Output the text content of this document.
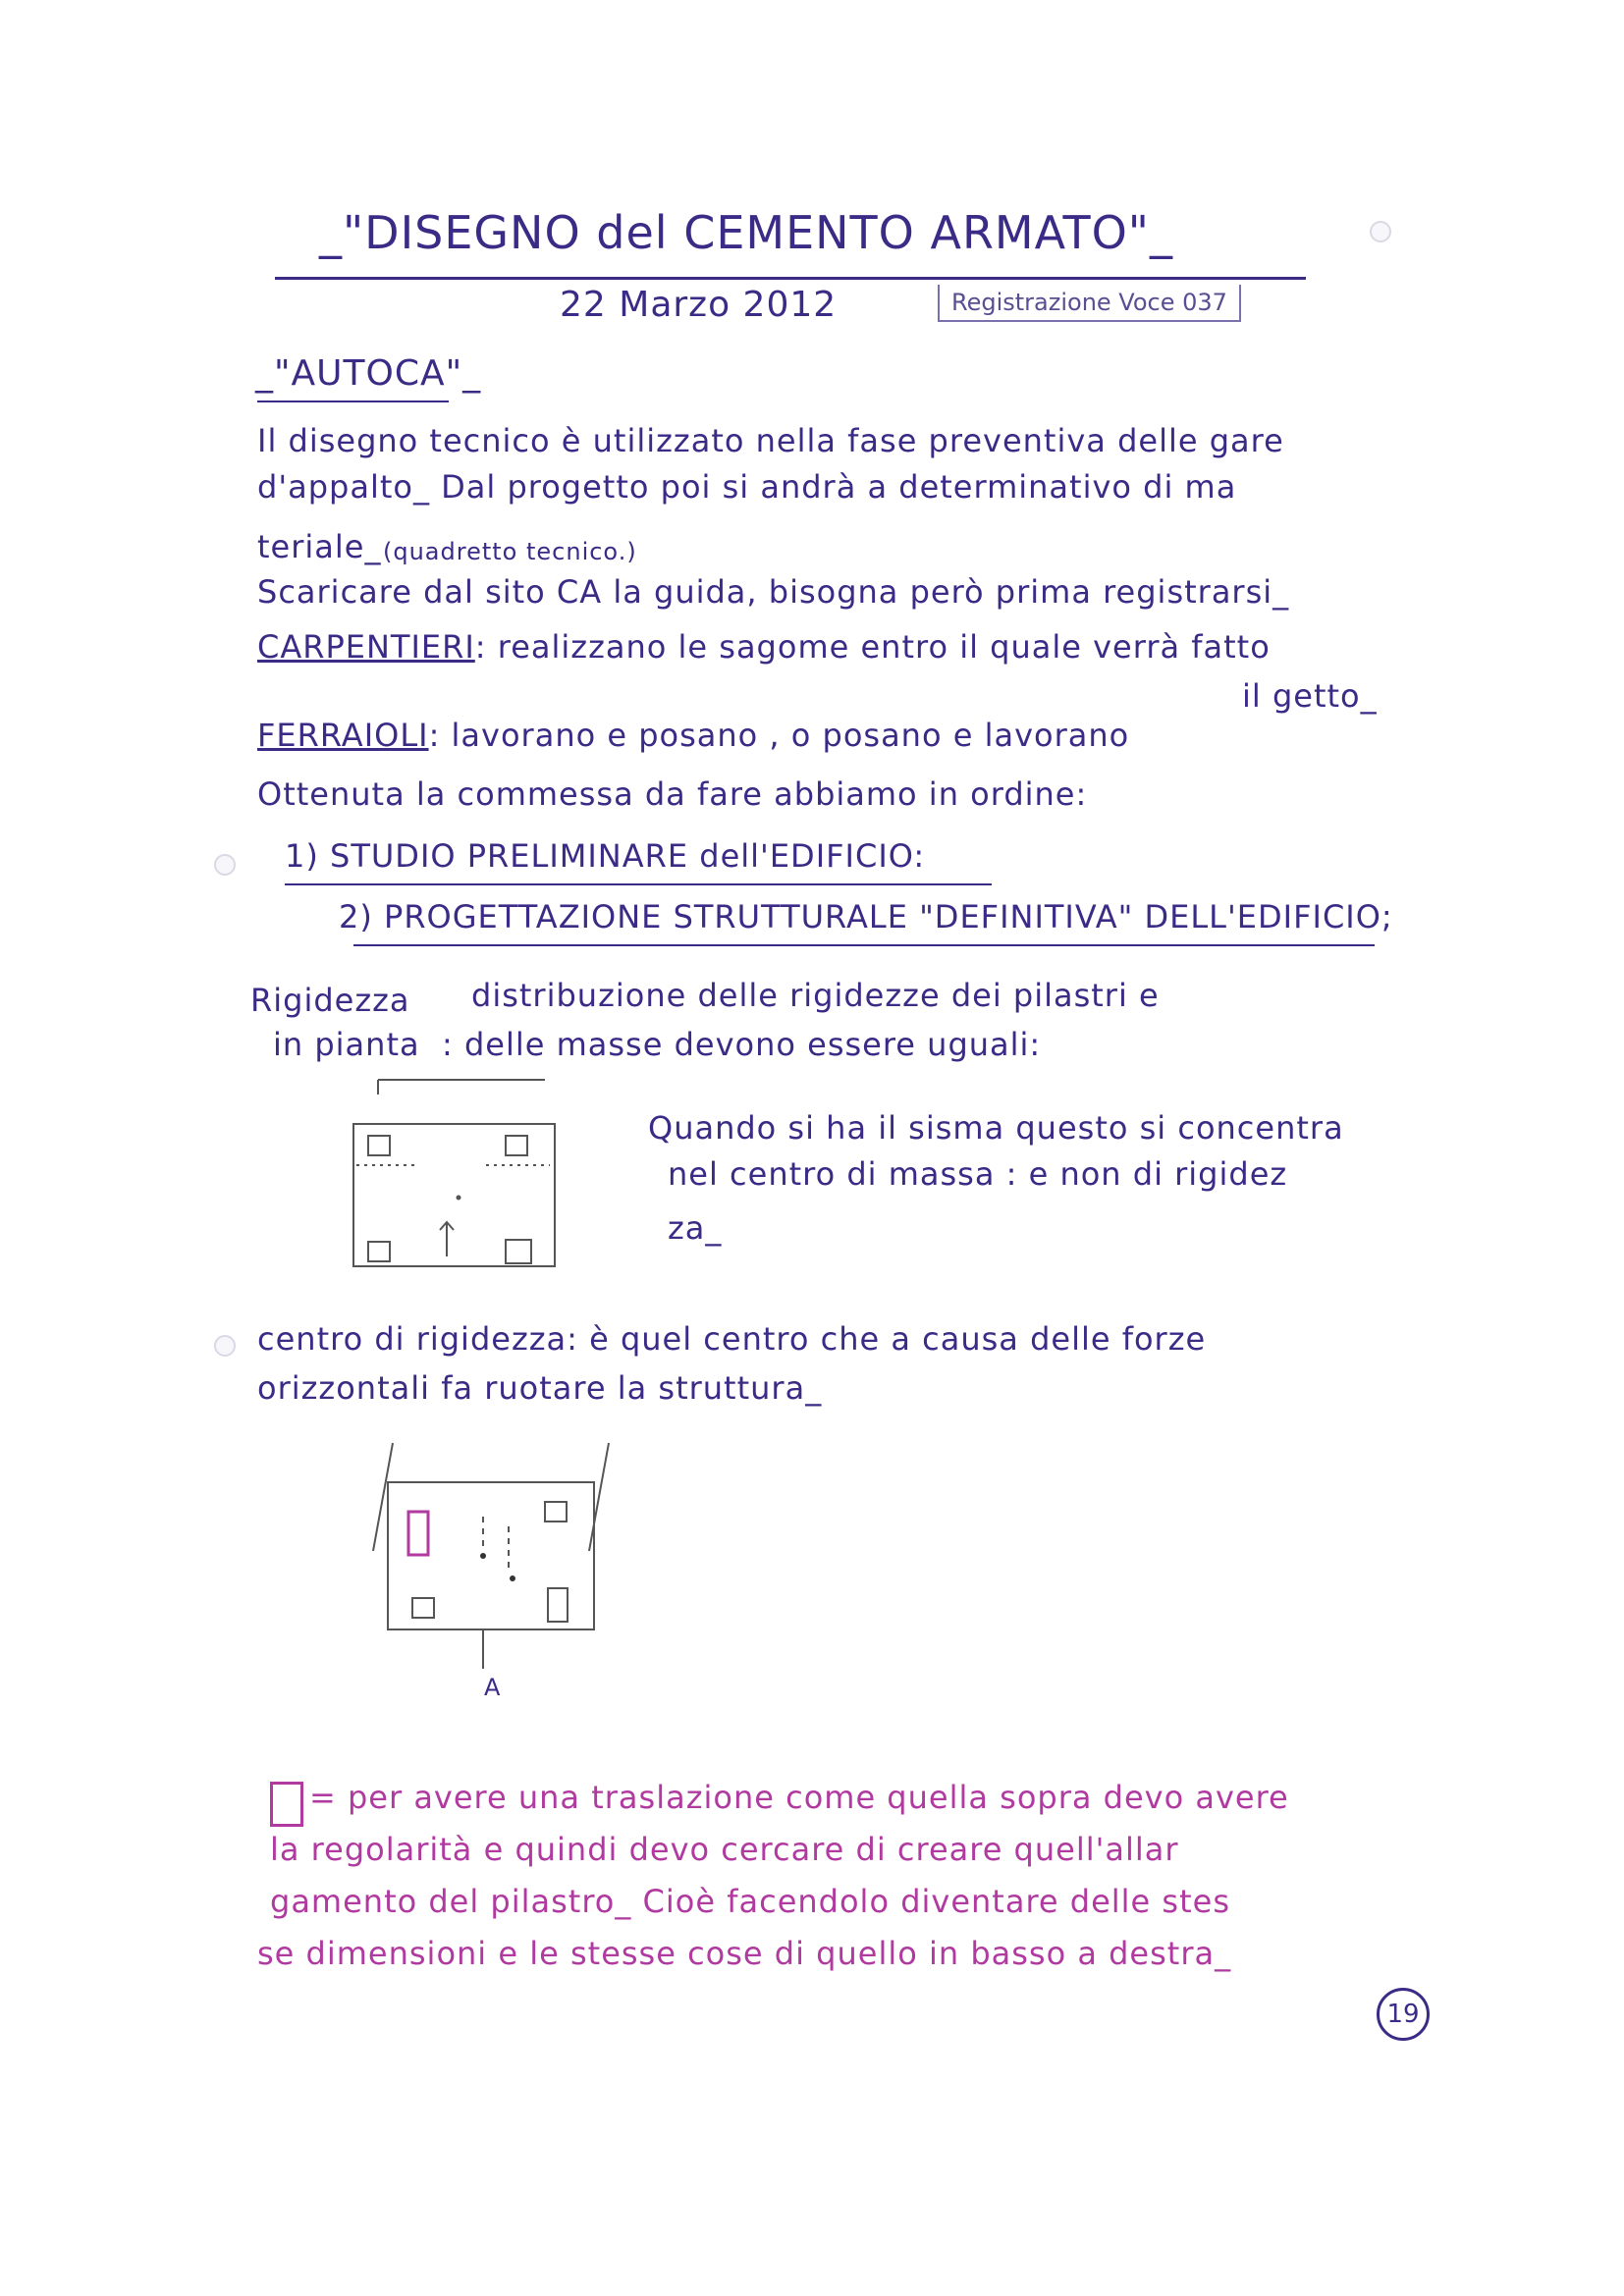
_"DISEGNO del CEMENTO ARMATO"_
22 Marzo 2012	Registrazione Voce 037
_"AUTOCA"_
Il disegno tecnico è utilizzato nella fase preventiva delle gare
d'appalto_ Dal progetto poi si andrà a determinativo di ma
teriale_ (quadretto tecnico.)
Scaricare dal sito CA la guida, bisogna però prima registrarsi_
CARPENTIERI: realizzano le sagome entro il quale verrà fatto
il getto_
FERRAIOLI: lavorano e posano , o posano e lavorano
Ottenuta la commessa da fare abbiamo in ordine:
1) STUDIO PRELIMINARE dell'EDIFICIO:
2) PROGETTAZIONE STRUTTURALE "DEFINITIVA" DELL'EDIFICIO;
Rigidezza
in pianta
distribuzione delle rigidezze dei pilastri e
: delle masse devono essere uguali:
Quando si ha il sisma questo si concentra
nel centro di massa : e non di rigidez
za_
centro di rigidezza: è quel centro che a causa delle forze
orizzontali fa ruotare la struttura_
A
= per avere una traslazione come quella sopra devo avere
la regolarità e quindi devo cercare di creare quell'allar
gamento del pilastro_ Cioè facendolo diventare delle stes
se dimensioni e le stesse cose di quello in basso a destra_
19
